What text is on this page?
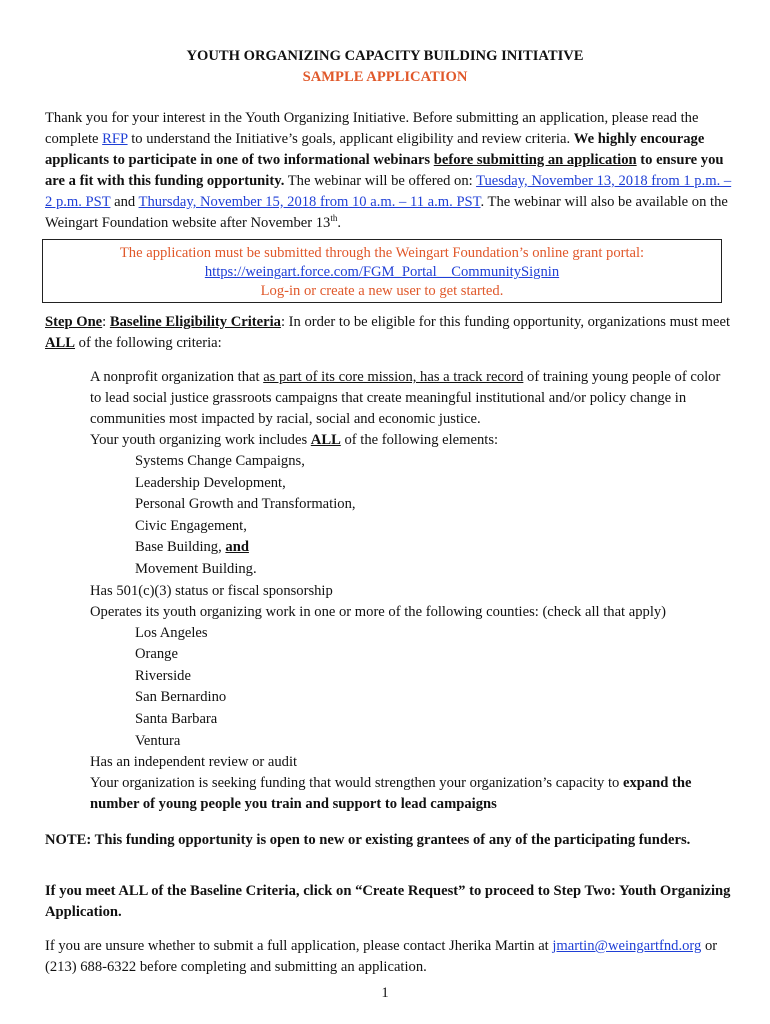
YOUTH ORGANIZING CAPACITY BUILDING INITIATIVE
SAMPLE APPLICATION

Thank you for your interest in the Youth Organizing Initiative. Before submitting an application, please read the complete RFP to understand the Initiative’s goals, applicant eligibility and review criteria. We highly encourage applicants to participate in one of two informational webinars before submitting an application to ensure you are a fit with this funding opportunity. The webinar will be offered on: Tuesday, November 13, 2018 from 1 p.m. – 2 p.m. PST and Thursday, November 15, 2018 from 10 a.m. – 11 a.m. PST. The webinar will also be available on the Weingart Foundation website after November 13th.

The application must be submitted through the Weingart Foundation’s online grant portal:
https://weingart.force.com/FGM_Portal__CommunitySignin
Log-in or create a new user to get started.
Step One: Baseline Eligibility Criteria: In order to be eligible for this funding opportunity, organizations must meet ALL of the following criteria:
A nonprofit organization that as part of its core mission, has a track record of training young people of color to lead social justice grassroots campaigns that create meaningful institutional and/or policy change in communities most impacted by racial, social and economic justice.
Your youth organizing work includes ALL of the following elements:
Systems Change Campaigns,
Leadership Development,
Personal Growth and Transformation,
Civic Engagement,
Base Building, and
Movement Building.
Has 501(c)(3) status or fiscal sponsorship
Operates its youth organizing work in one or more of the following counties: (check all that apply)
Los Angeles
Orange
Riverside
San Bernardino
Santa Barbara
Ventura
Has an independent review or audit
Your organization is seeking funding that would strengthen your organization’s capacity to expand the number of young people you train and support to lead campaigns
NOTE: This funding opportunity is open to new or existing grantees of any of the participating funders.
If you meet ALL of the Baseline Criteria, click on “Create Request” to proceed to Step Two: Youth Organizing Application.
If you are unsure whether to submit a full application, please contact Jherika Martin at jmartin@weingartfnd.org or (213) 688-6322 before completing and submitting an application.
1
